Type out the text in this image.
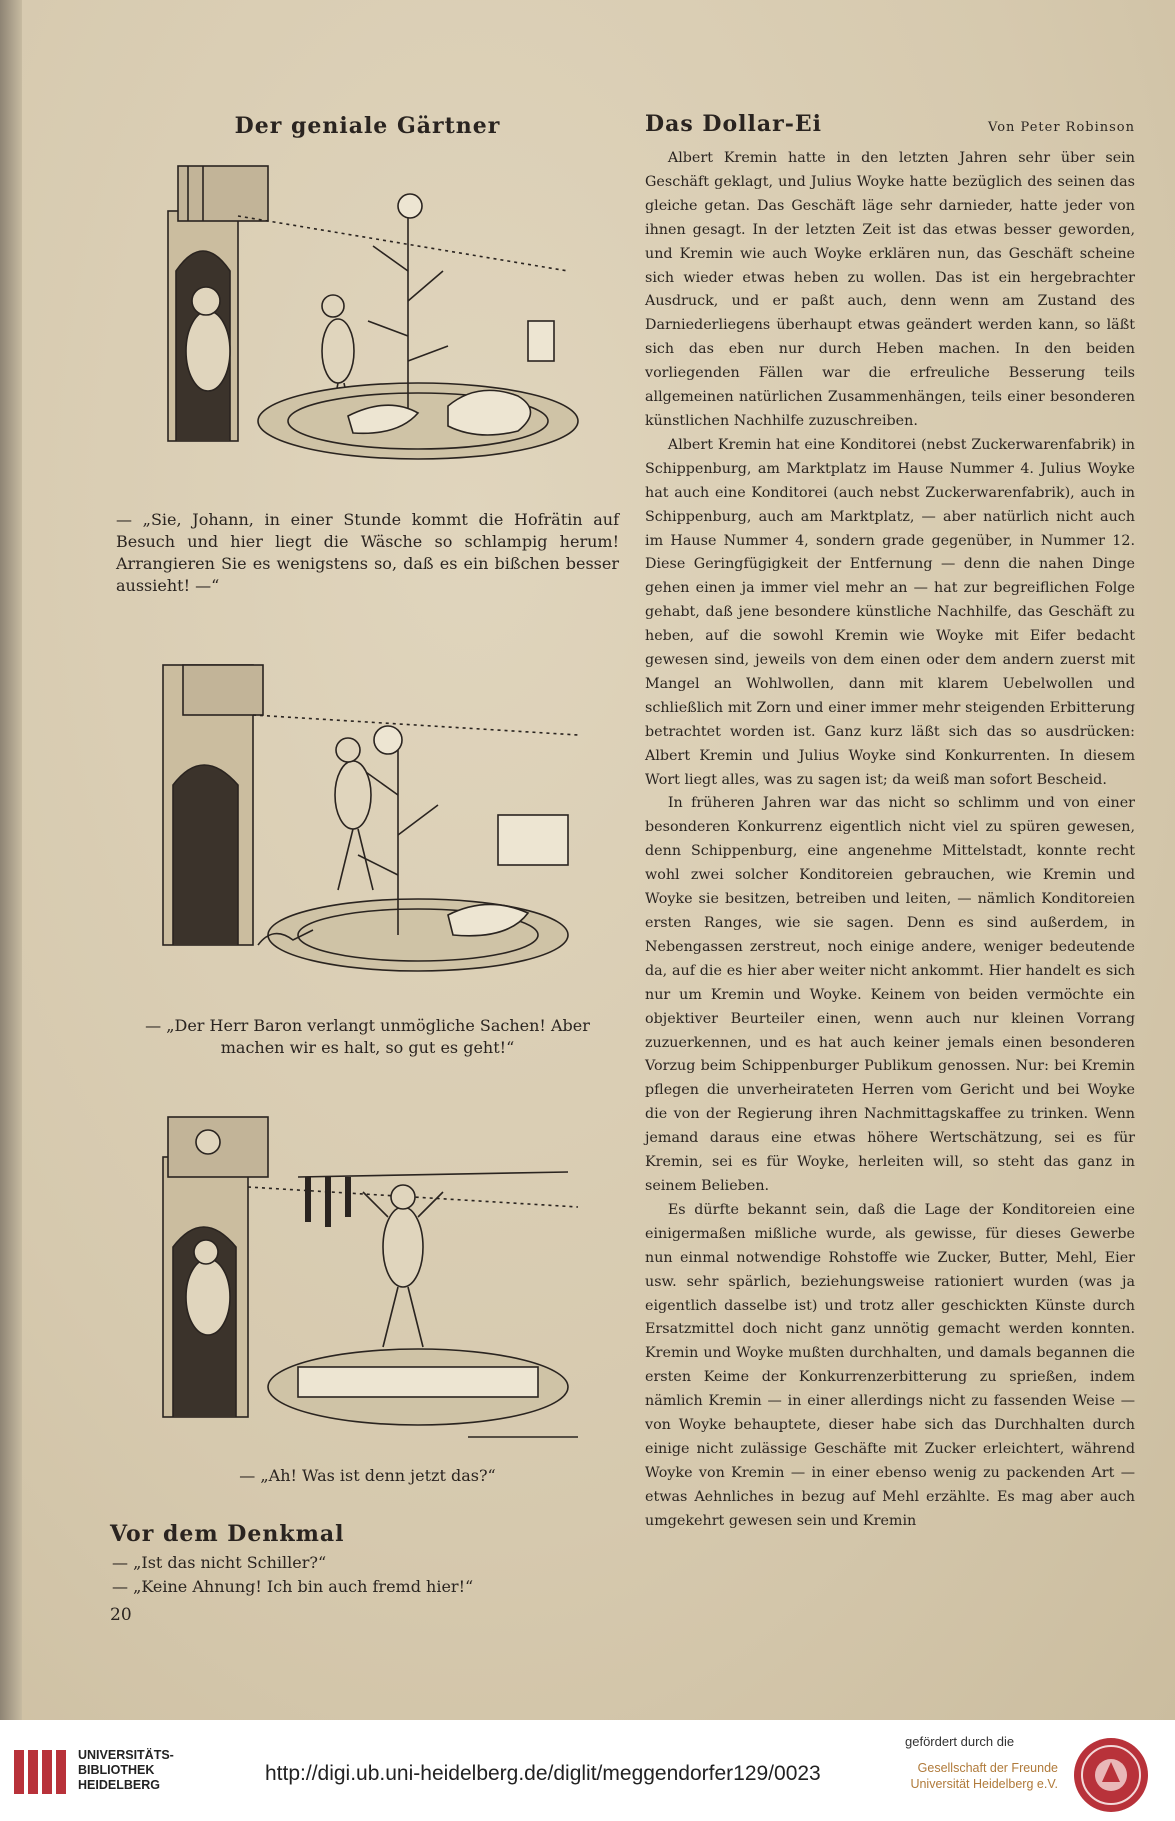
Der geniale Gärtner
— „Sie, Johann, in einer Stunde kommt die Hofrätin auf Besuch und hier liegt die Wäsche so schlampig herum! Arrangieren Sie es wenigstens so, daß es ein bißchen besser aussieht! —“
— „Der Herr Baron verlangt unmögliche Sachen! Aber machen wir es halt, so gut es geht!“
— „Ah! Was ist denn jetzt das?“
Vor dem Denkmal
— „Ist das nicht Schiller?“
— „Keine Ahnung! Ich bin auch fremd hier!“
20
Das Dollar-Ei	Von Peter Robinson

Albert Kremin hatte in den letzten Jahren sehr über sein Geschäft geklagt, und Julius Woyke hatte bezüglich des seinen das gleiche getan. Das Geschäft läge sehr darnieder, hatte jeder von ihnen gesagt. In der letzten Zeit ist das etwas besser geworden, und Kremin wie auch Woyke erklären nun, das Geschäft scheine sich wieder etwas heben zu wollen. Das ist ein hergebrachter Ausdruck, und er paßt auch, denn wenn am Zustand des Darniederliegens überhaupt etwas geändert werden kann, so läßt sich das eben nur durch Heben machen. In den beiden vorliegenden Fällen war die erfreuliche Besserung teils allgemeinen natürlichen Zusammenhängen, teils einer besonderen künstlichen Nachhilfe zuzuschreiben.

Albert Kremin hat eine Konditorei (nebst Zuckerwarenfabrik) in Schippenburg, am Marktplatz im Hause Nummer 4. Julius Woyke hat auch eine Konditorei (auch nebst Zuckerwarenfabrik), auch in Schippenburg, auch am Marktplatz, — aber natürlich nicht auch im Hause Nummer 4, sondern grade gegenüber, in Nummer 12. Diese Geringfügigkeit der Entfernung — denn die nahen Dinge gehen einen ja immer viel mehr an — hat zur begreiflichen Folge gehabt, daß jene besondere künstliche Nachhilfe, das Geschäft zu heben, auf die sowohl Kremin wie Woyke mit Eifer bedacht gewesen sind, jeweils von dem einen oder dem andern zuerst mit Mangel an Wohlwollen, dann mit klarem Uebelwollen und schließlich mit Zorn und einer immer mehr steigenden Erbitterung betrachtet worden ist. Ganz kurz läßt sich das so ausdrücken: Albert Kremin und Julius Woyke sind Konkurrenten. In diesem Wort liegt alles, was zu sagen ist; da weiß man sofort Bescheid.

In früheren Jahren war das nicht so schlimm und von einer besonderen Konkurrenz eigentlich nicht viel zu spüren gewesen, denn Schippenburg, eine angenehme Mittelstadt, konnte recht wohl zwei solcher Konditoreien gebrauchen, wie Kremin und Woyke sie besitzen, betreiben und leiten, — nämlich Konditoreien ersten Ranges, wie sie sagen. Denn es sind außerdem, in Nebengassen zerstreut, noch einige andere, weniger bedeutende da, auf die es hier aber weiter nicht ankommt. Hier handelt es sich nur um Kremin und Woyke. Keinem von beiden vermöchte ein objektiver Beurteiler einen, wenn auch nur kleinen Vorrang zuzuerkennen, und es hat auch keiner jemals einen besonderen Vorzug beim Schippenburger Publikum genossen. Nur: bei Kremin pflegen die unverheirateten Herren vom Gericht und bei Woyke die von der Regierung ihren Nachmittagskaffee zu trinken. Wenn jemand daraus eine etwas höhere Wertschätzung, sei es für Kremin, sei es für Woyke, herleiten will, so steht das ganz in seinem Belieben.

Es dürfte bekannt sein, daß die Lage der Konditoreien eine einigermaßen mißliche wurde, als gewisse, für dieses Gewerbe nun einmal notwendige Rohstoffe wie Zucker, Butter, Mehl, Eier usw. sehr spärlich, beziehungsweise rationiert wurden (was ja eigentlich dasselbe ist) und trotz aller geschickten Künste durch Ersatzmittel doch nicht ganz unnötig gemacht werden konnten. Kremin und Woyke mußten durchhalten, und damals begannen die ersten Keime der Konkurrenzerbitterung zu sprießen, indem nämlich Kremin — in einer allerdings nicht zu fassenden Weise — von Woyke behauptete, dieser habe sich das Durchhalten durch einige nicht zulässige Geschäfte mit Zucker erleichtert, während Woyke von Kremin — in einer ebenso wenig zu packenden Art — etwas Aehnliches in bezug auf Mehl erzählte. Es mag aber auch umgekehrt gewesen sein und Kremin

UNIVERSITÄTS-
BIBLIOTHEK
HEIDELBERG	http://digi.ub.uni-heidelberg.de/diglit/meggendorfer129/0023
gefördert durch die
Gesellschaft der Freunde
Universität Heidelberg e.V.
